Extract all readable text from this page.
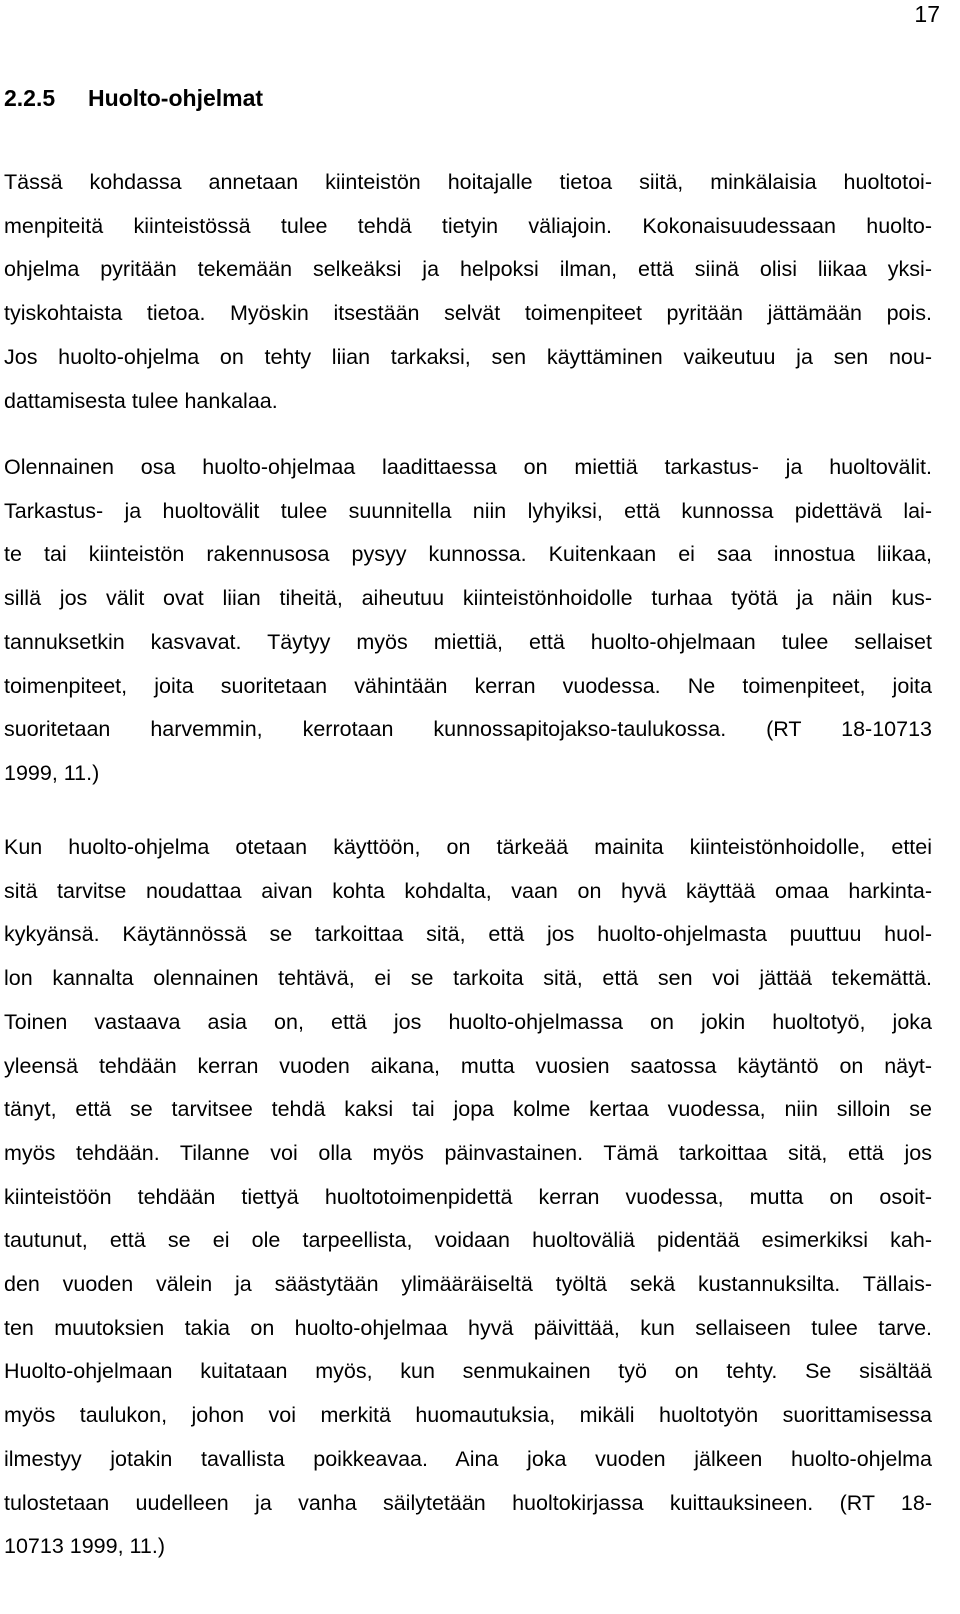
17
2.2.5 Huolto-ohjelmat

Tässä kohdassa annetaan kiinteistön hoitajalle tietoa siitä, minkälaisia huoltotoi-
menpiteitä kiinteistössä tulee tehdä tietyin väliajoin. Kokonaisuudessaan huolto-
ohjelma pyritään tekemään selkeäksi ja helpoksi ilman, että siinä olisi liikaa yksi-
tyiskohtaista tietoa. Myöskin itsestään selvät toimenpiteet pyritään jättämään pois.
Jos huolto-ohjelma on tehty liian tarkaksi, sen käyttäminen vaikeutuu ja sen nou-
dattamisesta tulee hankalaa.

Olennainen osa huolto-ohjelmaa laadittaessa on miettiä tarkastus- ja huoltovälit.
Tarkastus- ja huoltovälit tulee suunnitella niin lyhyiksi, että kunnossa pidettävä lai-
te tai kiinteistön rakennusosa pysyy kunnossa. Kuitenkaan ei saa innostua liikaa,
sillä jos välit ovat liian tiheitä, aiheutuu kiinteistönhoidolle turhaa työtä ja näin kus-
tannuksetkin kasvavat. Täytyy myös miettiä, että huolto-ohjelmaan tulee sellaiset
toimenpiteet, joita suoritetaan vähintään kerran vuodessa. Ne toimenpiteet, joita
suoritetaan harvemmin, kerrotaan kunnossapitojakso-taulukossa. (RT 18-10713
1999, 11.)

Kun huolto-ohjelma otetaan käyttöön, on tärkeää mainita kiinteistönhoidolle, ettei
sitä tarvitse noudattaa aivan kohta kohdalta, vaan on hyvä käyttää omaa harkinta-
kykyänsä. Käytännössä se tarkoittaa sitä, että jos huolto-ohjelmasta puuttuu huol-
lon kannalta olennainen tehtävä, ei se tarkoita sitä, että sen voi jättää tekemättä.
Toinen vastaava asia on, että jos huolto-ohjelmassa on jokin huoltotyö, joka
yleensä tehdään kerran vuoden aikana, mutta vuosien saatossa käytäntö on näyt-
tänyt, että se tarvitsee tehdä kaksi tai jopa kolme kertaa vuodessa, niin silloin se
myös tehdään. Tilanne voi olla myös päinvastainen. Tämä tarkoittaa sitä, että jos
kiinteistöön tehdään tiettyä huoltotoimenpidettä kerran vuodessa, mutta on osoit-
tautunut, että se ei ole tarpeellista, voidaan huoltoväliä pidentää esimerkiksi kah-
den vuoden välein ja säästytään ylimääräiseltä työltä sekä kustannuksilta. Tällais-
ten muutoksien takia on huolto-ohjelmaa hyvä päivittää, kun sellaiseen tulee tarve.
Huolto-ohjelmaan kuitataan myös, kun senmukainen työ on tehty. Se sisältää
myös taulukon, johon voi merkitä huomautuksia, mikäli huoltotyön suorittamisessa
ilmestyy jotakin tavallista poikkeavaa. Aina joka vuoden jälkeen huolto-ohjelma
tulostetaan uudelleen ja vanha säilytetään huoltokirjassa kuittauksineen. (RT 18-
10713 1999, 11.)
